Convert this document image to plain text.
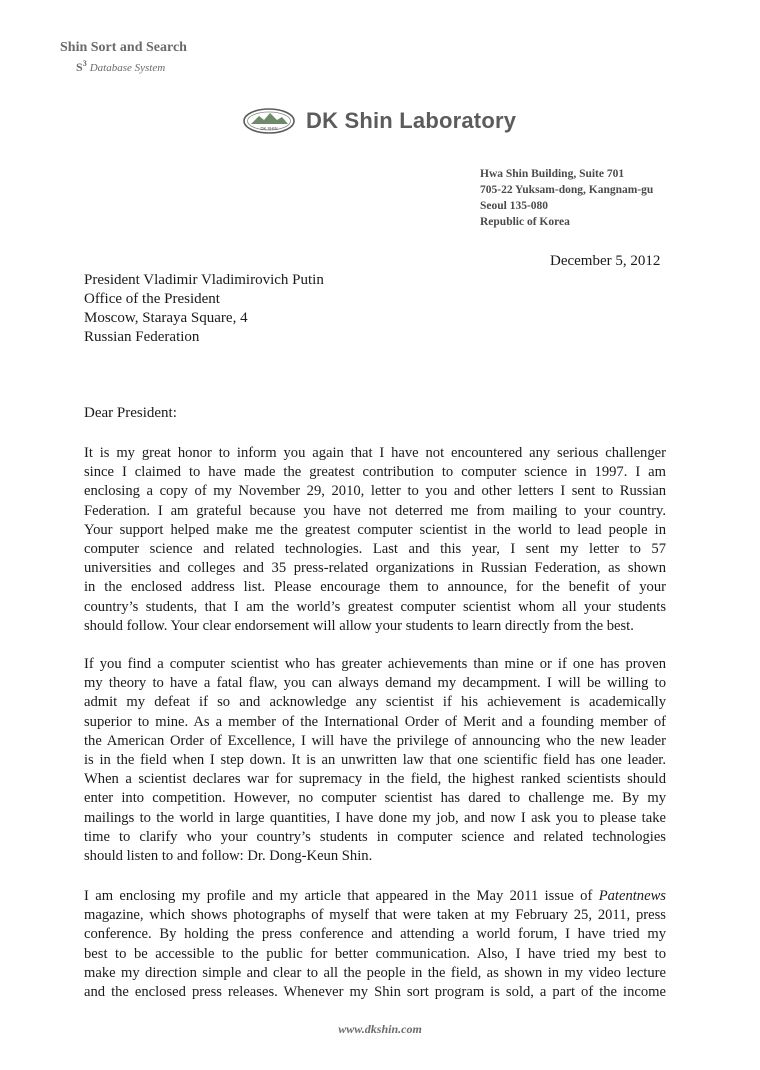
Shin Sort and Search
$S^3$ Database System
DK SHIN DK Shin Laboratory
Hwa Shin Building, Suite 701
705-22 Yuksam-dong, Kangnam-gu
Seoul 135-080
Republic of Korea
December 5, 2012
President Vladimir Vladimirovich Putin
Office of the President
Moscow, Staraya Square, 4
Russian Federation
Dear President:
It is my great honor to inform you again that I have not encountered any serious challenger
since I claimed to have made the greatest contribution to computer science in 1997. I am
enclosing a copy of my November 29, 2010, letter to you and other letters I sent to Russian
Federation. I am grateful because you have not deterred me from mailing to your country.
Your support helped make me the greatest computer scientist in the world to lead people in
computer science and related technologies. Last and this year, I sent my letter to 57
universities and colleges and 35 press-related organizations in Russian Federation, as shown
in the enclosed address list. Please encourage them to announce, for the benefit of your
country’s students, that I am the world’s greatest computer scientist whom all your students
should follow. Your clear endorsement will allow your students to learn directly from the best.
If you find a computer scientist who has greater achievements than mine or if one has proven
my theory to have a fatal flaw, you can always demand my decampment. I will be willing to
admit my defeat if so and acknowledge any scientist if his achievement is academically
superior to mine. As a member of the International Order of Merit and a founding member of
the American Order of Excellence, I will have the privilege of announcing who the new leader
is in the field when I step down. It is an unwritten law that one scientific field has one leader.
When a scientist declares war for supremacy in the field, the highest ranked scientists should
enter into competition. However, no computer scientist has dared to challenge me. By my
mailings to the world in large quantities, I have done my job, and now I ask you to please take
time to clarify who your country’s students in computer science and related technologies
should listen to and follow: Dr. Dong-Keun Shin.
I am enclosing my profile and my article that appeared in the May 2011 issue of Patentnews
magazine, which shows photographs of myself that were taken at my February 25, 2011, press
conference. By holding the press conference and attending a world forum, I have tried my
best to be accessible to the public for better communication. Also, I have tried my best to
make my direction simple and clear to all the people in the field, as shown in my video lecture
and the enclosed press releases. Whenever my Shin sort program is sold, a part of the income
www.dkshin.com
